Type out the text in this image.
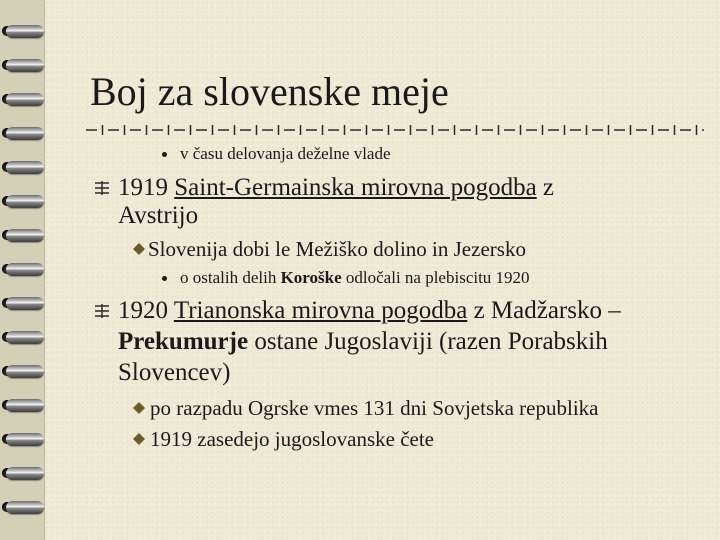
Boj za slovenske meje

v času delovanja deželne vlade

1919 Saint-Germainska mirovna pogodba z

Avstrijo

Slovenija dobi le Mežiško dolino in Jezersko

o ostalih delih Koroške odločali na plebiscitu 1920

1920 Trianonska mirovna pogodba z Madžarsko –

Prekumurje ostane Jugoslaviji (razen Porabskih

Slovencev)

po razpadu Ogrske vmes 131 dni Sovjetska republika

1919 zasedejo jugoslovanske čete
